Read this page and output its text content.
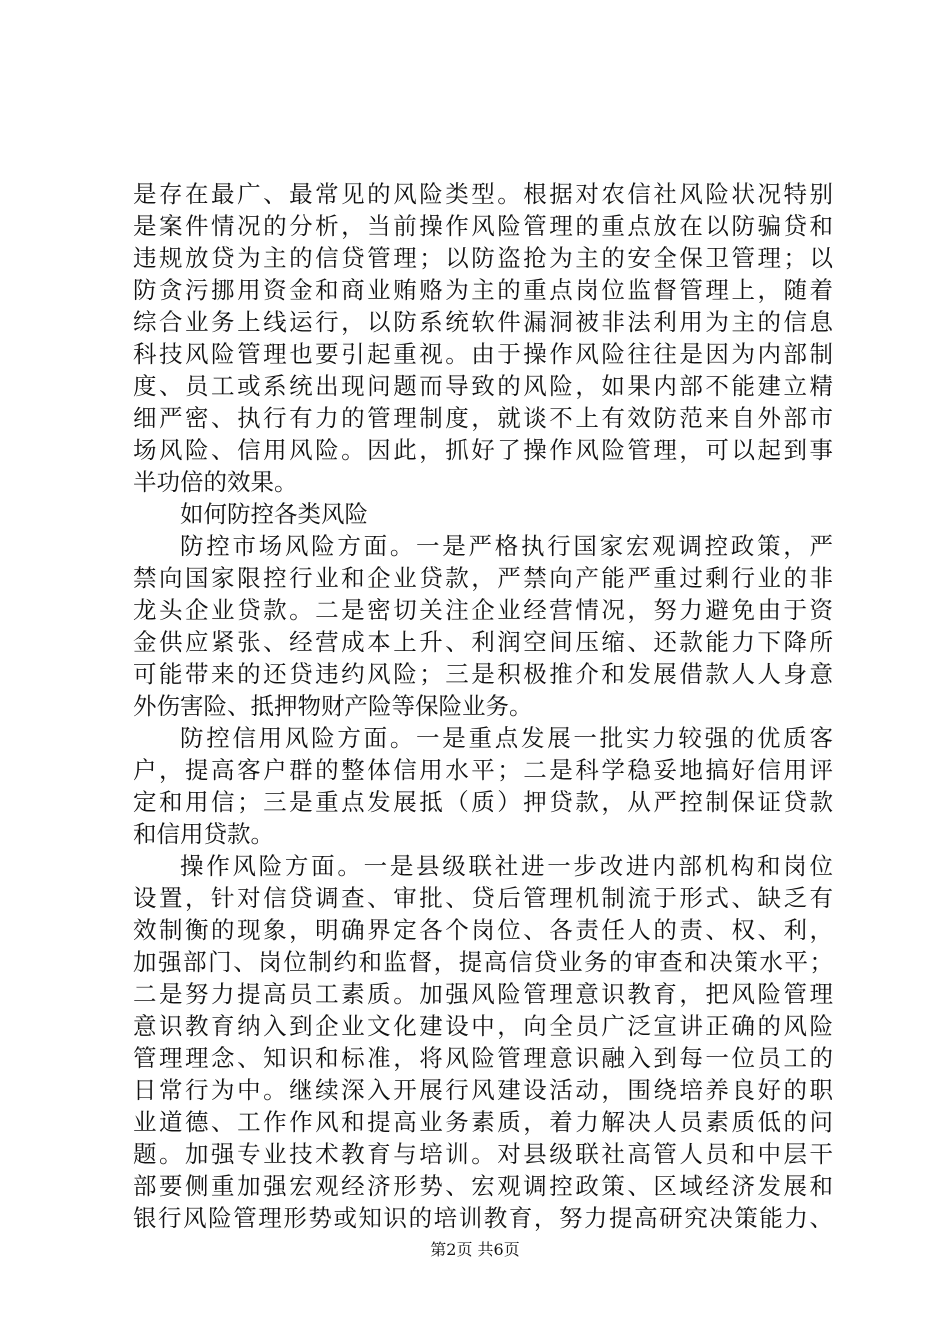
是存在最广、最常见的风险类型。根据对农信社风险状况特别
是案件情况的分析，当前操作风险管理的重点放在以防骗贷和
违规放贷为主的信贷管理；以防盗抢为主的安全保卫管理；以
防贪污挪用资金和商业贿赂为主的重点岗位监督管理上，随着
综合业务上线运行，以防系统软件漏洞被非法利用为主的信息
科技风险管理也要引起重视。由于操作风险往往是因为内部制
度、员工或系统出现问题而导致的风险，如果内部不能建立精
细严密、执行有力的管理制度，就谈不上有效防范来自外部市
场风险、信用风险。因此，抓好了操作风险管理，可以起到事
半功倍的效果。
如何防控各类风险
防控市场风险方面。一是严格执行国家宏观调控政策，严
禁向国家限控行业和企业贷款，严禁向产能严重过剩行业的非
龙头企业贷款。二是密切关注企业经营情况，努力避免由于资
金供应紧张、经营成本上升、利润空间压缩、还款能力下降所
可能带来的还贷违约风险；三是积极推介和发展借款人人身意
外伤害险、抵押物财产险等保险业务。
防控信用风险方面。一是重点发展一批实力较强的优质客
户，提高客户群的整体信用水平；二是科学稳妥地搞好信用评
定和用信；三是重点发展抵（质）押贷款，从严控制保证贷款
和信用贷款。
操作风险方面。一是县级联社进一步改进内部机构和岗位
设置，针对信贷调查、审批、贷后管理机制流于形式、缺乏有
效制衡的现象，明确界定各个岗位、各责任人的责、权、利，
加强部门、岗位制约和监督，提高信贷业务的审查和决策水平；
二是努力提高员工素质。加强风险管理意识教育，把风险管理
意识教育纳入到企业文化建设中，向全员广泛宣讲正确的风险
管理理念、知识和标准，将风险管理意识融入到每一位员工的
日常行为中。继续深入开展行风建设活动，围绕培养良好的职
业道德、工作作风和提高业务素质，着力解决人员素质低的问
题。加强专业技术教育与培训。对县级联社高管人员和中层干
部要侧重加强宏观经济形势、宏观调控政策、区域经济发展和
银行风险管理形势或知识的培训教育，努力提高研究决策能力、
第2页 共6页
